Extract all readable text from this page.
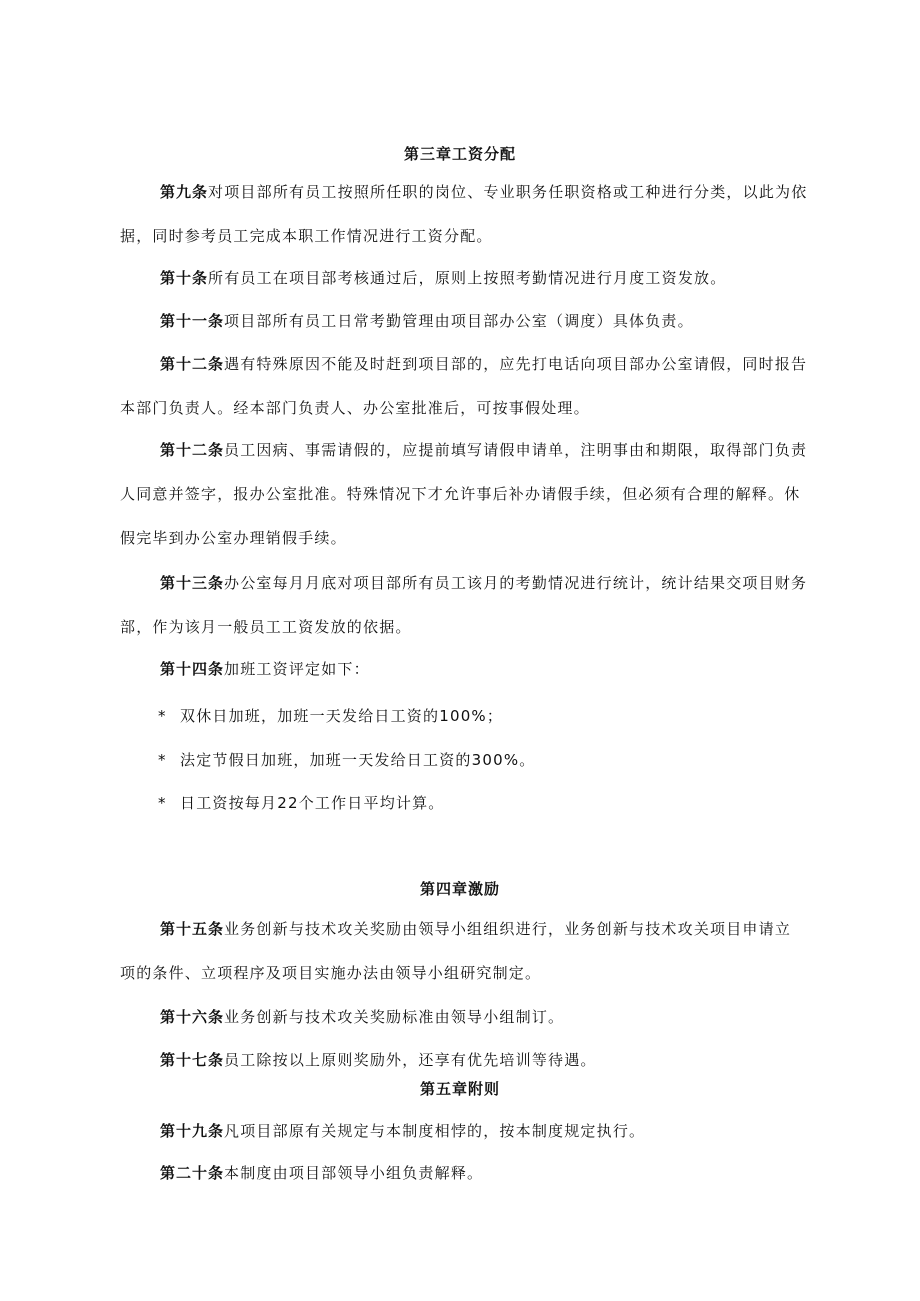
第三章工资分配
第九条对项目部所有员工按照所任职的岗位、专业职务任职资格或工种进行分类，以此为依
据，同时参考员工完成本职工作情况进行工资分配。
第十条所有员工在项目部考核通过后，原则上按照考勤情况进行月度工资发放。
第十一条项目部所有员工日常考勤管理由项目部办公室（调度）具体负责。
第十二条遇有特殊原因不能及时赶到项目部的，应先打电话向项目部办公室请假，同时报告
本部门负责人。经本部门负责人、办公室批准后，可按事假处理。
第十二条员工因病、事需请假的，应提前填写请假申请单，注明事由和期限，取得部门负责
人同意并签字，报办公室批准。特殊情况下才允许事后补办请假手续，但必须有合理的解释。休
假完毕到办公室办理销假手续。
第十三条办公室每月月底对项目部所有员工该月的考勤情况进行统计，统计结果交项目财务
部，作为该月一般员工工资发放的依据。
第十四条加班工资评定如下：
* 双休日加班，加班一天发给日工资的100%；
* 法定节假日加班，加班一天发给日工资的300%。
* 日工资按每月22个工作日平均计算。
第四章激励
第十五条业务创新与技术攻关奖励由领导小组组织进行，业务创新与技术攻关项目申请立
项的条件、立项程序及项目实施办法由领导小组研究制定。
第十六条业务创新与技术攻关奖励标准由领导小组制订。
第十七条员工除按以上原则奖励外，还享有优先培训等待遇。
第五章附则
第十九条凡项目部原有关规定与本制度相悖的，按本制度规定执行。
第二十条本制度由项目部领导小组负责解释。
